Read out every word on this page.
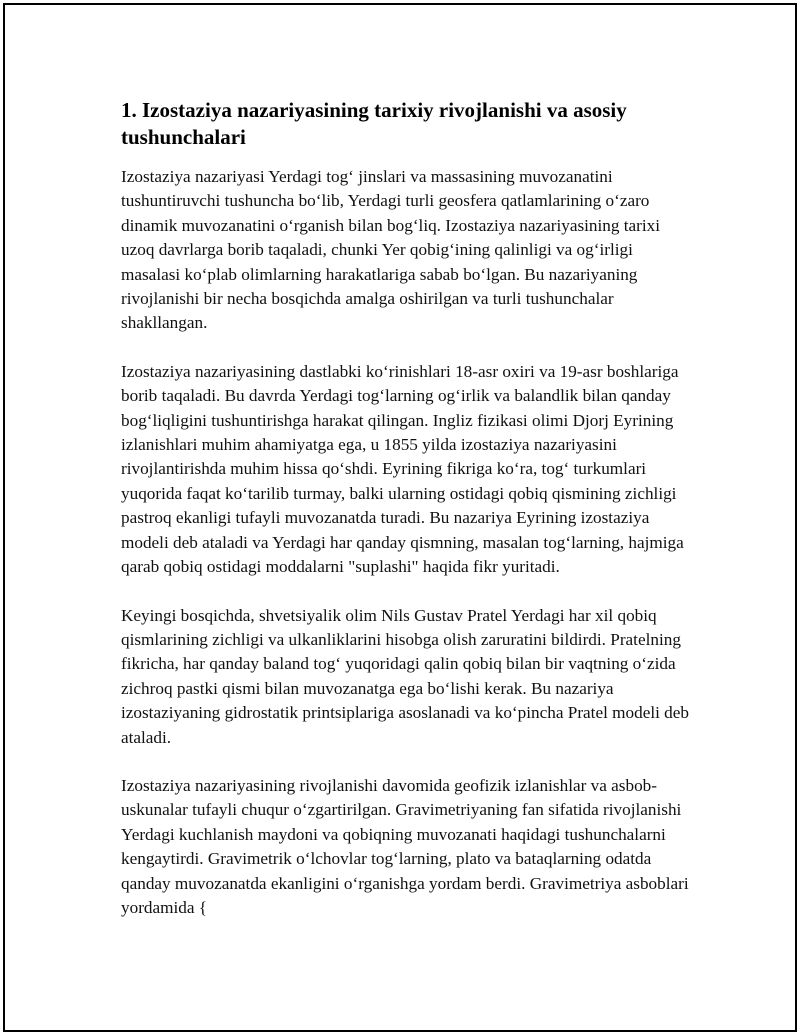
1. Izostaziya nazariyasining tarixiy rivojlanishi va asosiy tushunchalari

Izostaziya nazariyasi Yerdagi tog‘ jinslari va massasining muvozanatini tushuntiruvchi tushuncha bo‘lib, Yerdagi turli geosfera qatlamlarining o‘zaro dinamik muvozanatini o‘rganish bilan bog‘liq. Izostaziya nazariyasining tarixi uzoq davrlarga borib taqaladi, chunki Yer qobig‘ining qalinligi va og‘irligi masalasi ko‘plab olimlarning harakatlariga sabab bo‘lgan. Bu nazariyaning rivojlanishi bir necha bosqichda amalga oshirilgan va turli tushunchalar shakllangan.

Izostaziya nazariyasining dastlabki ko‘rinishlari 18-asr oxiri va 19-asr boshlariga borib taqaladi. Bu davrda Yerdagi tog‘larning og‘irlik va balandlik bilan qanday bog‘liqligini tushuntirishga harakat qilingan. Ingliz fizikasi olimi Djorj Eyrining izlanishlari muhim ahamiyatga ega, u 1855 yilda izostaziya nazariyasini rivojlantirishda muhim hissa qo‘shdi. Eyrining fikriga ko‘ra, tog‘ turkumlari yuqorida faqat ko‘tarilib turmay, balki ularning ostidagi qobiq qismining zichligi pastroq ekanligi tufayli muvozanatda turadi. Bu nazariya Eyrining izostaziya modeli deb ataladi va Yerdagi har qanday qismning, masalan tog‘larning, hajmiga qarab qobiq ostidagi moddalarni "suplashi" haqida fikr yuritadi.

Keyingi bosqichda, shvetsiyalik olim Nils Gustav Pratel Yerdagi har xil qobiq qismlarining zichligi va ulkanliklarini hisobga olish zaruratini bildirdi. Pratelning fikricha, har qanday baland tog‘ yuqoridagi qalin qobiq bilan bir vaqtning o‘zida zichroq pastki qismi bilan muvozanatga ega bo‘lishi kerak. Bu nazariya izostaziyaning gidrostatik printsiplariga asoslanadi va ko‘pincha Pratel modeli deb ataladi.

Izostaziya nazariyasining rivojlanishi davomida geofizik izlanishlar va asbob-uskunalar tufayli chuqur o‘zgartirilgan. Gravimetriyaning fan sifatida rivojlanishi Yerdagi kuchlanish maydoni va qobiqning muvozanati haqidagi tushunchalarni kengaytirdi. Gravimetrik o‘lchovlar tog‘larning, plato va bataqlarning odatda qanday muvozanatda ekanligini o‘rganishga yordam berdi. Gravimetriya asboblari yordamida {
